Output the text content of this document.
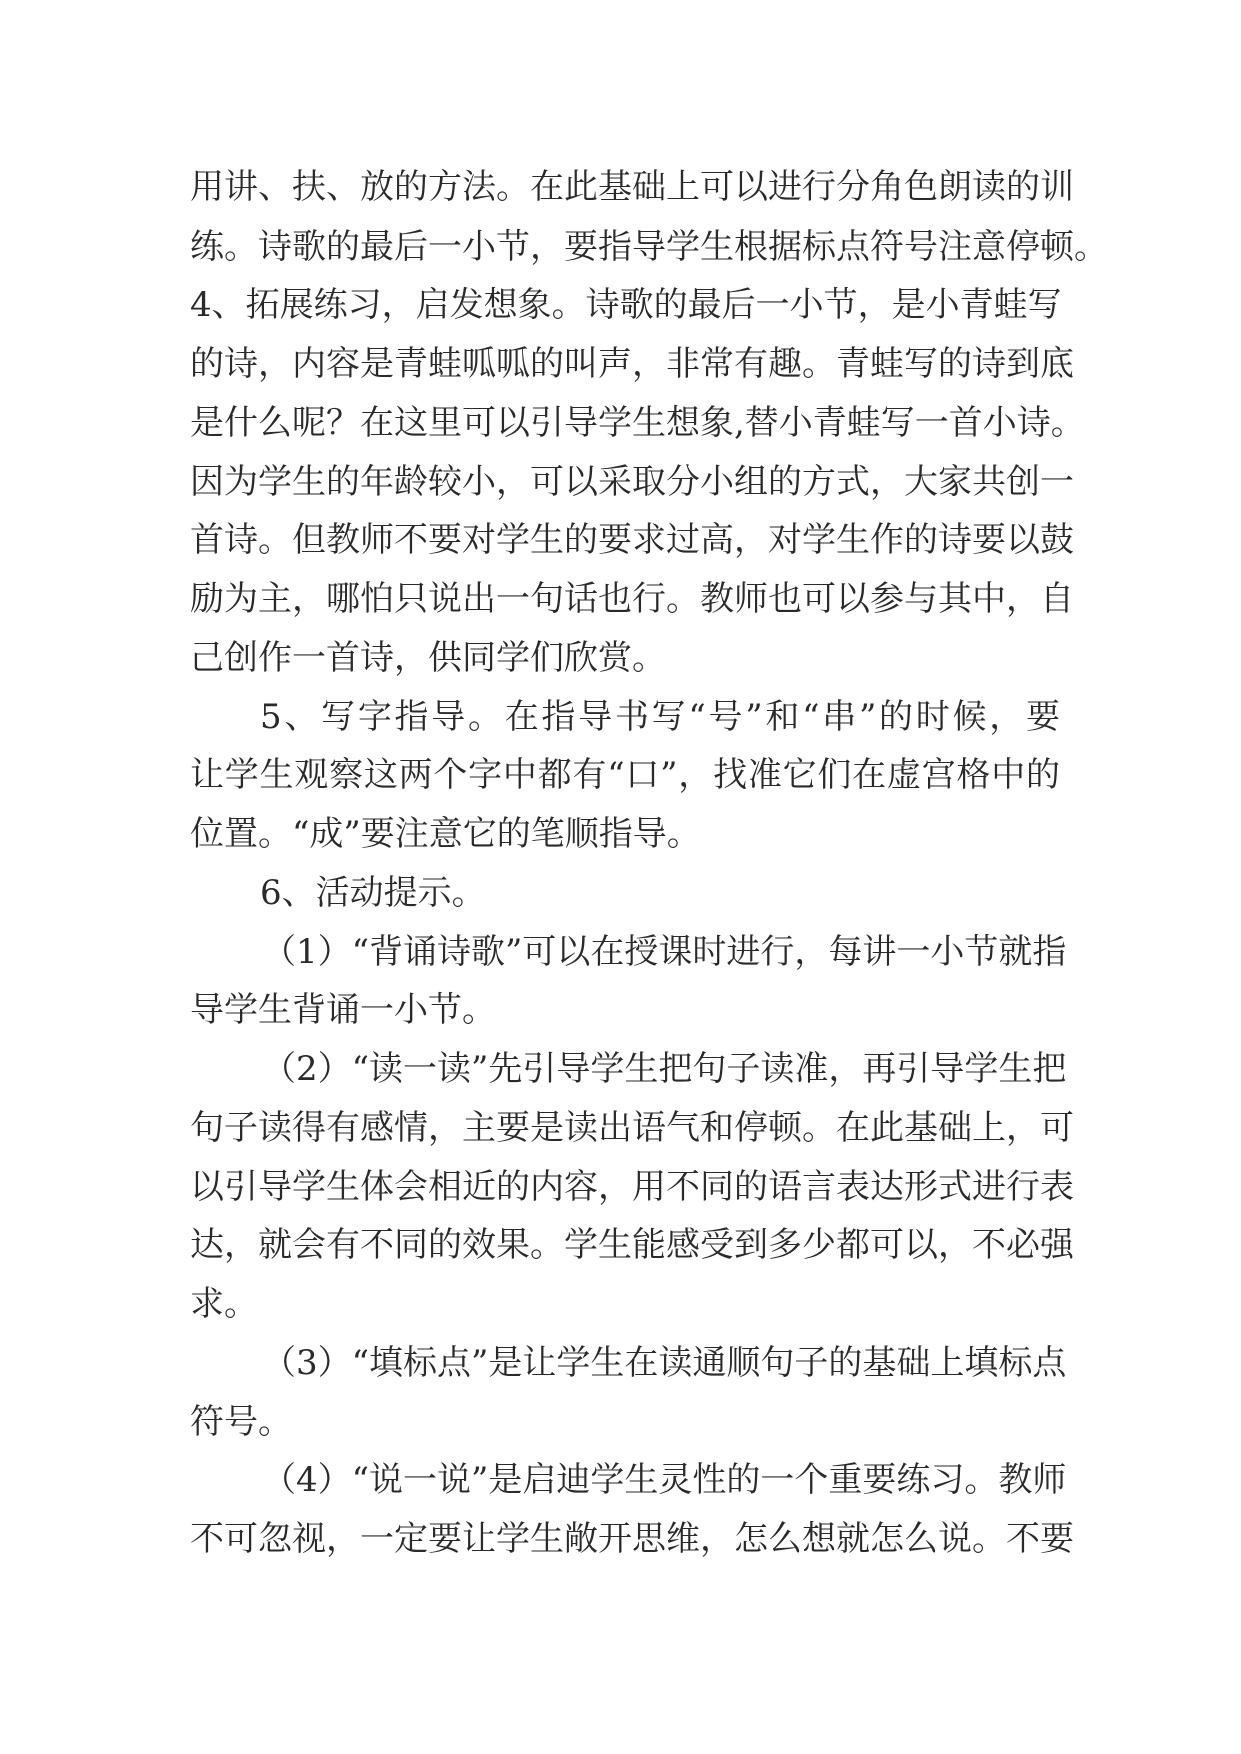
用讲、扶、放的方法。在此基础上可以进行分角色朗读的训
练。诗歌的最后一小节，要指导学生根据标点符号注意停顿。
4、拓展练习，启发想象。诗歌的最后一小节，是小青蛙写
的诗，内容是青蛙呱呱的叫声，非常有趣。青蛙写的诗到底
是什么呢？在这里可以引导学生想象,替小青蛙写一首小诗。
因为学生的年龄较小，可以采取分小组的方式，大家共创一
首诗。但教师不要对学生的要求过高，对学生作的诗要以鼓
励为主，哪怕只说出一句话也行。教师也可以参与其中，自
己创作一首诗，供同学们欣赏。
5、写字指导。在指导书写“号”和“串”的时候，要
让学生观察这两个字中都有“口”，找准它们在虚宫格中的
位置。“成”要注意它的笔顺指导。
6、活动提示。
（1）“背诵诗歌”可以在授课时进行，每讲一小节就指
导学生背诵一小节。
（2）“读一读”先引导学生把句子读准，再引导学生把
句子读得有感情，主要是读出语气和停顿。在此基础上，可
以引导学生体会相近的内容，用不同的语言表达形式进行表
达，就会有不同的效果。学生能感受到多少都可以，不必强
求。
（3）“填标点”是让学生在读通顺句子的基础上填标点
符号。
（4）“说一说”是启迪学生灵性的一个重要练习。教师
不可忽视，一定要让学生敞开思维，怎么想就怎么说。不要
